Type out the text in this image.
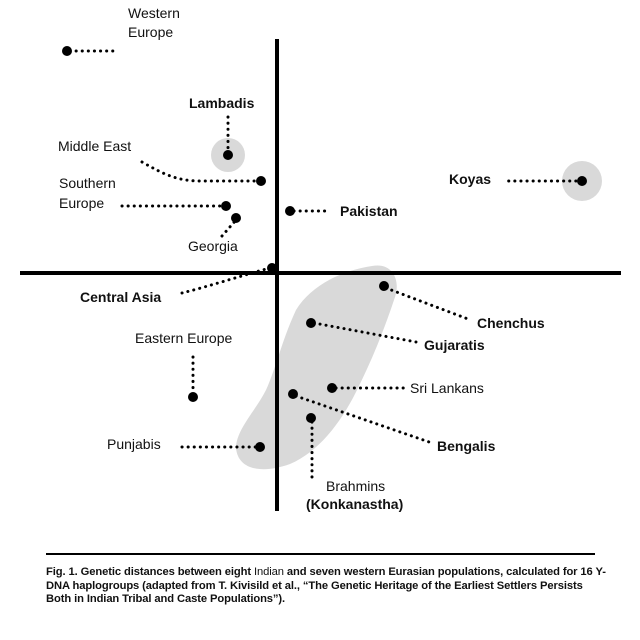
Western
Europe
Lambadis
Middle East
Southern
Europe
Georgia
Pakistan
Koyas
Central Asia
Eastern Europe
Punjabis
Chenchus
Gujaratis
Sri Lankans
Bengalis
Brahmins
(Konkanastha)
Fig. 1. Genetic distances between eight Indian and seven western Eurasian populations, calculated for 16 Y-DNA haplogroups (adapted from T. Kivisild et al., “The Genetic Heritage of the Earliest Settlers Persists Both in Indian Tribal and Caste Populations”).
